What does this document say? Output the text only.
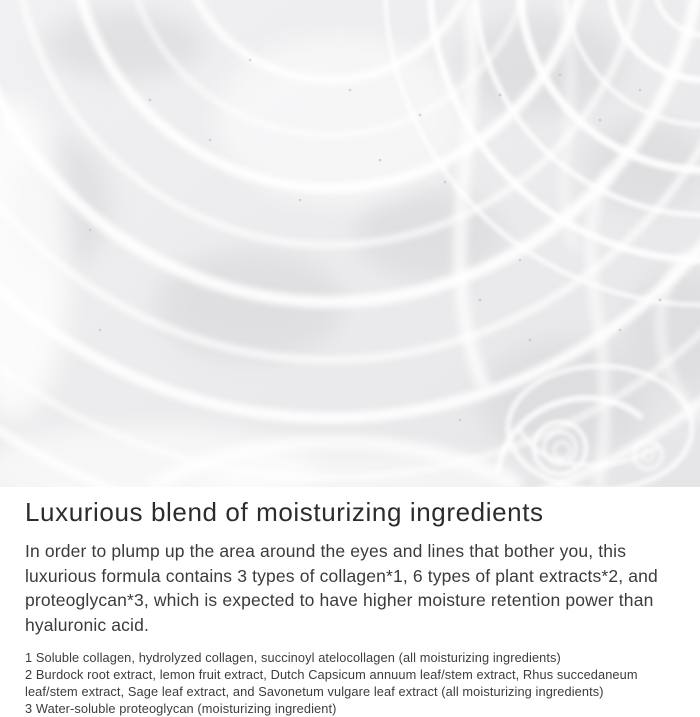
Luxurious blend of moisturizing ingredients

In order to plump up the area around the eyes and lines that bother you, this luxurious formula contains 3 types of collagen*1, 6 types of plant extracts*2, and proteoglycan*3, which is expected to have higher moisture retention power than hyaluronic acid.

1 Soluble collagen, hydrolyzed collagen, succinoyl atelocollagen (all moisturizing ingredients)

2 Burdock root extract, lemon fruit extract, Dutch Capsicum annuum leaf/stem extract, Rhus succedaneum leaf/stem extract, Sage leaf extract, and Savonetum vulgare leaf extract (all moisturizing ingredients)

3 Water-soluble proteoglycan (moisturizing ingredient)
